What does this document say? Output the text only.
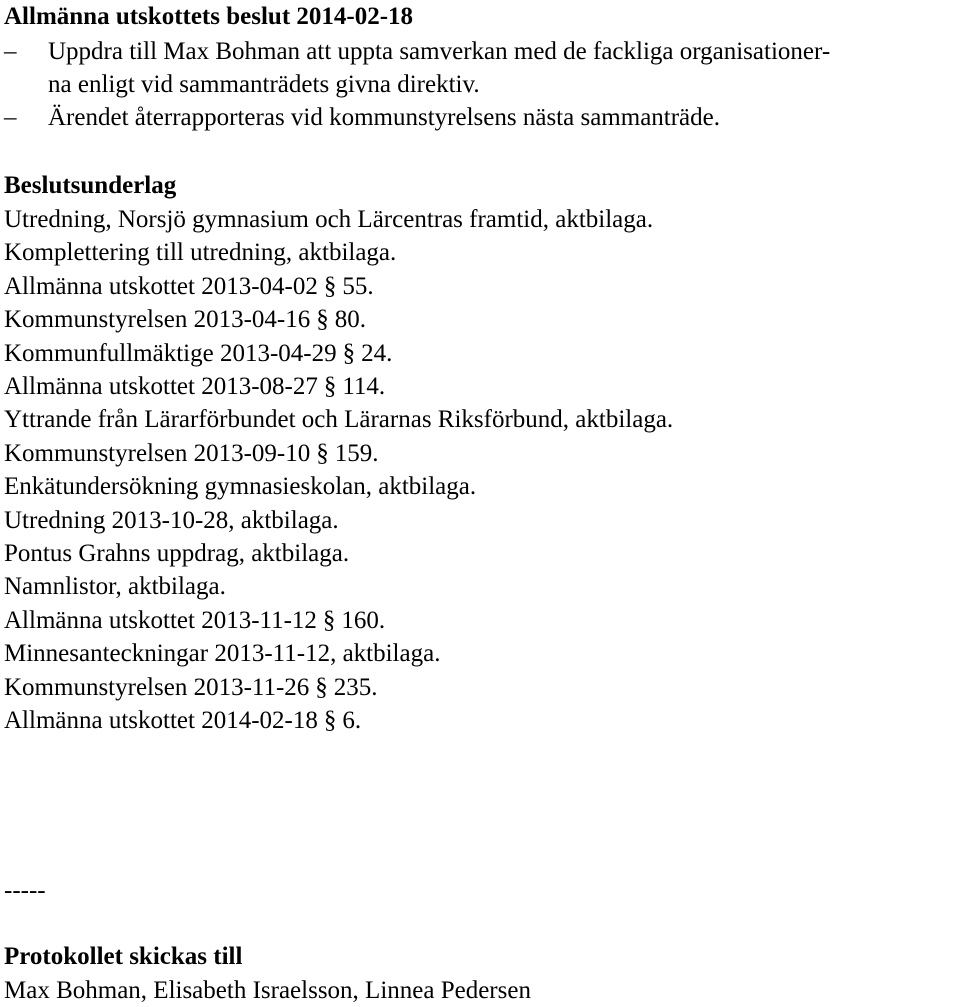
Allmänna utskottets beslut 2014-02-18
– Uppdra till Max Bohman att uppta samverkan med de fackliga organisationer-
na enligt vid sammanträdets givna direktiv.
– Ärendet återrapporteras vid kommunstyrelsens nästa sammanträde.
Beslutsunderlag
Utredning, Norsjö gymnasium och Lärcentras framtid, aktbilaga.
Komplettering till utredning, aktbilaga.
Allmänna utskottet 2013-04-02 § 55.
Kommunstyrelsen 2013-04-16 § 80.
Kommunfullmäktige 2013-04-29 § 24.
Allmänna utskottet 2013-08-27 § 114.
Yttrande från Lärarförbundet och Lärarnas Riksförbund, aktbilaga.
Kommunstyrelsen 2013-09-10 § 159.
Enkätundersökning gymnasieskolan, aktbilaga.
Utredning 2013-10-28, aktbilaga.
Pontus Grahns uppdrag, aktbilaga.
Namnlistor, aktbilaga.
Allmänna utskottet 2013-11-12 § 160.
Minnesanteckningar 2013-11-12, aktbilaga.
Kommunstyrelsen 2013-11-26 § 235.
Allmänna utskottet 2014-02-18 § 6.
-----
Protokollet skickas till
Max Bohman, Elisabeth Israelsson, Linnea Pedersen
